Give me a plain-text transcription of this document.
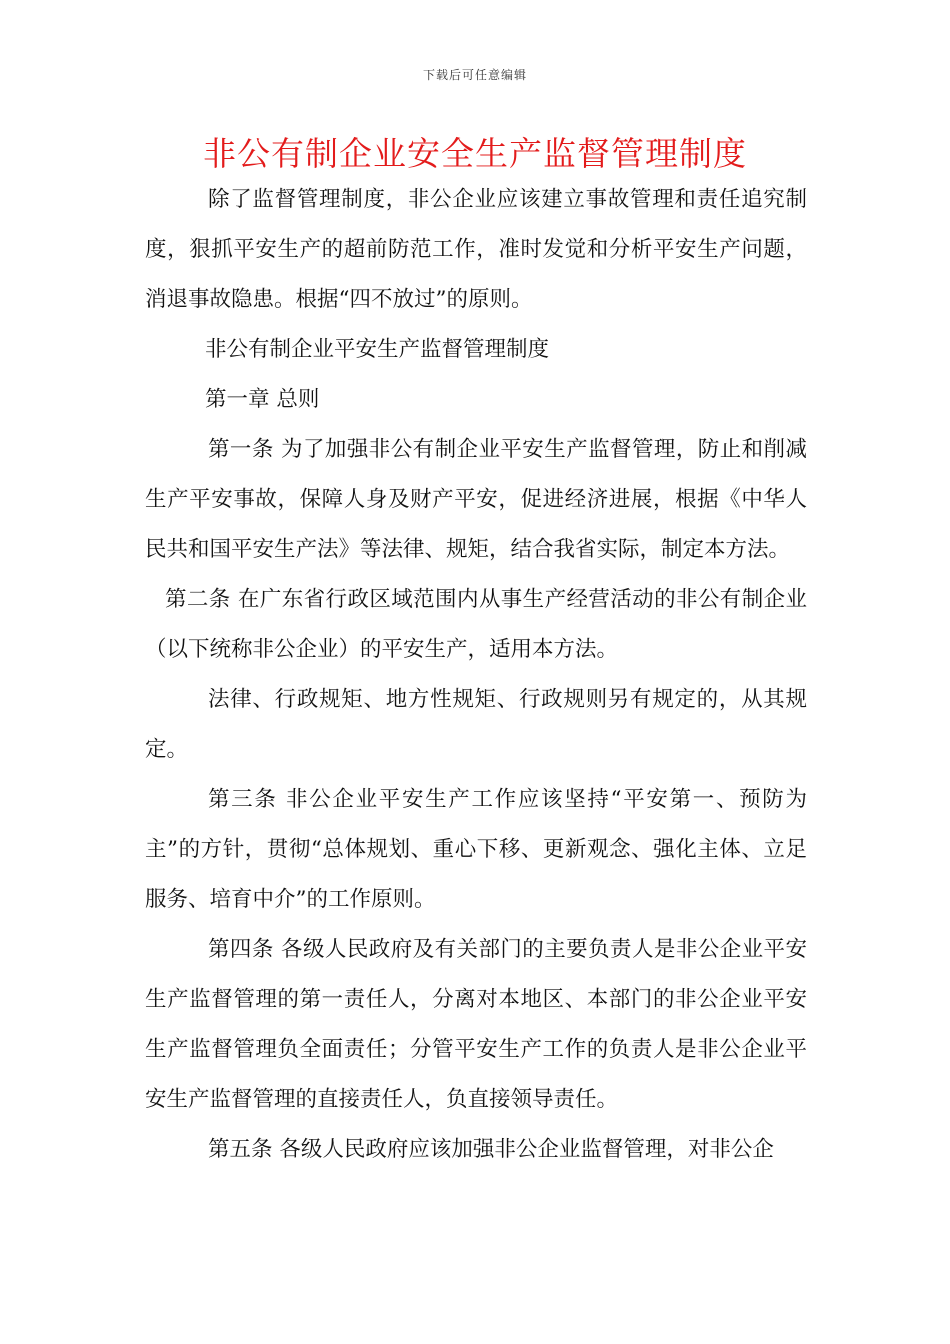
下载后可任意编辑
非公有制企业安全生产监督管理制度

除了监督管理制度，非公企业应该建立事故管理和责任追究制度，狠抓平安生产的超前防范工作，准时发觉和分析平安生产问题，消退事故隐患。根据“四不放过”的原则。

非公有制企业平安生产监督管理制度

第一章 总则

第一条 为了加强非公有制企业平安生产监督管理，防止和削减生产平安事故，保障人身及财产平安，促进经济进展，根据《中华人民共和国平安生产法》等法律、规矩，结合我省实际，制定本方法。

第二条 在广东省行政区域范围内从事生产经营活动的非公有制企业（以下统称非公企业）的平安生产，适用本方法。

法律、行政规矩、地方性规矩、行政规则另有规定的，从其规定。

第三条 非公企业平安生产工作应该坚持“平安第一、预防为主”的方针，贯彻“总体规划、重心下移、更新观念、强化主体、立足服务、培育中介”的工作原则。

第四条 各级人民政府及有关部门的主要负责人是非公企业平安生产监督管理的第一责任人，分离对本地区、本部门的非公企业平安生产监督管理负全面责任；分管平安生产工作的负责人是非公企业平安生产监督管理的直接责任人，负直接领导责任。

第五条 各级人民政府应该加强非公企业监督管理，对非公企
